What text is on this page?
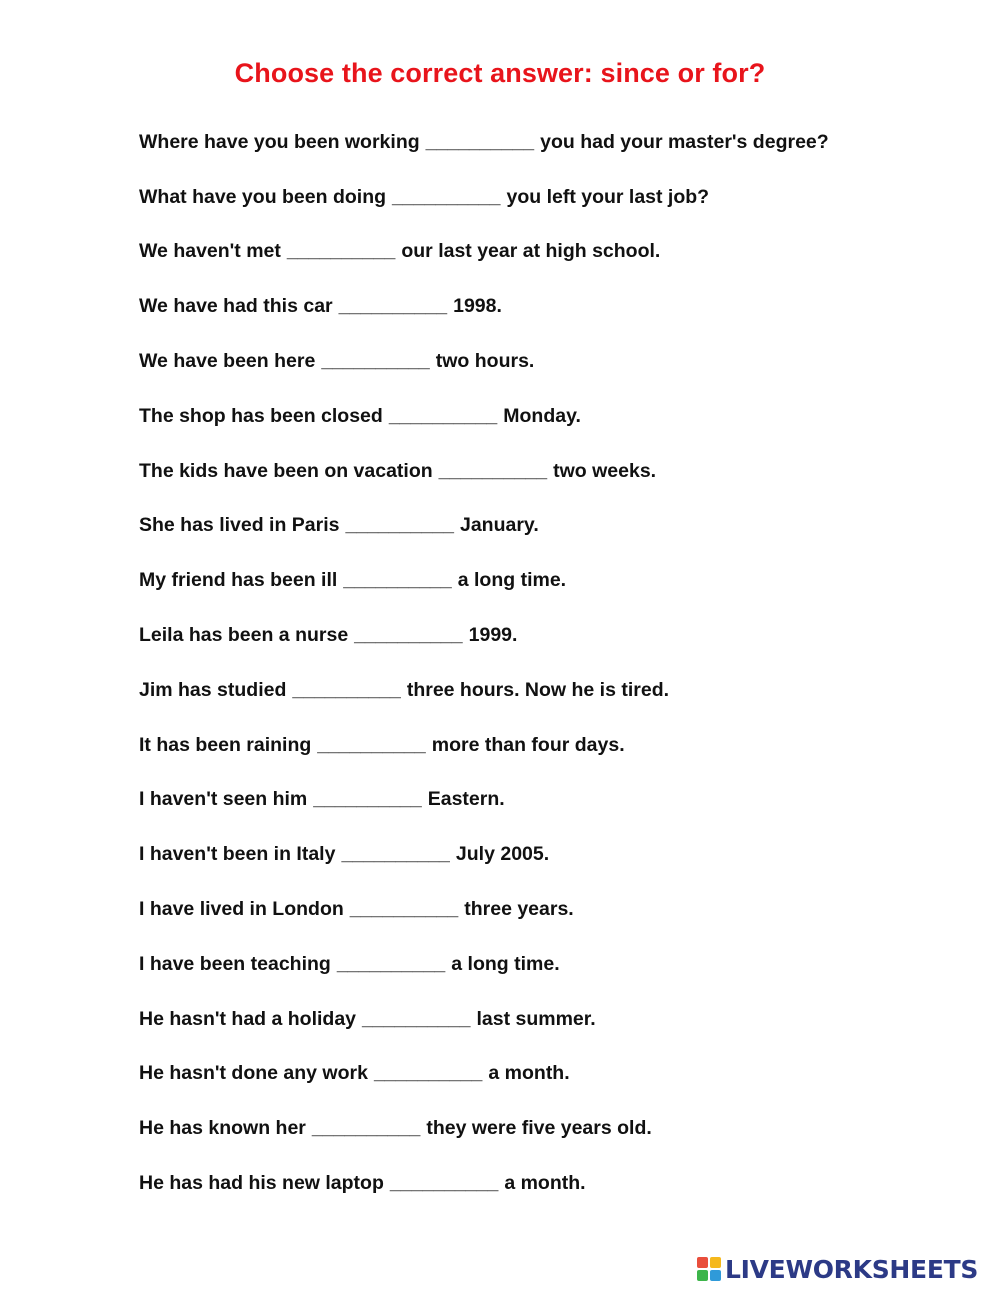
Choose the correct answer: since or for?
Where have you been working __________ you had your master's degree?
What have you been doing __________ you left your last job?
We haven't met __________ our last year at high school.
We have had this car __________ 1998.
We have been here __________ two hours.
The shop has been closed __________ Monday.
The kids have been on vacation __________ two weeks.
She has lived in Paris __________ January.
My friend has been ill __________ a long time.
Leila has been a nurse __________ 1999.
Jim has studied __________ three hours. Now he is tired.
It has been raining __________ more than four days.
I haven't seen him __________ Eastern.
I haven't been in Italy __________ July 2005.
I have lived in London __________ three years.
I have been teaching __________ a long time.
He hasn't had a holiday __________ last summer.
He hasn't done any work __________ a month.
He has known her __________ they were five years old.
He has had his new laptop __________ a month.
LIVEWORKSHEETS
